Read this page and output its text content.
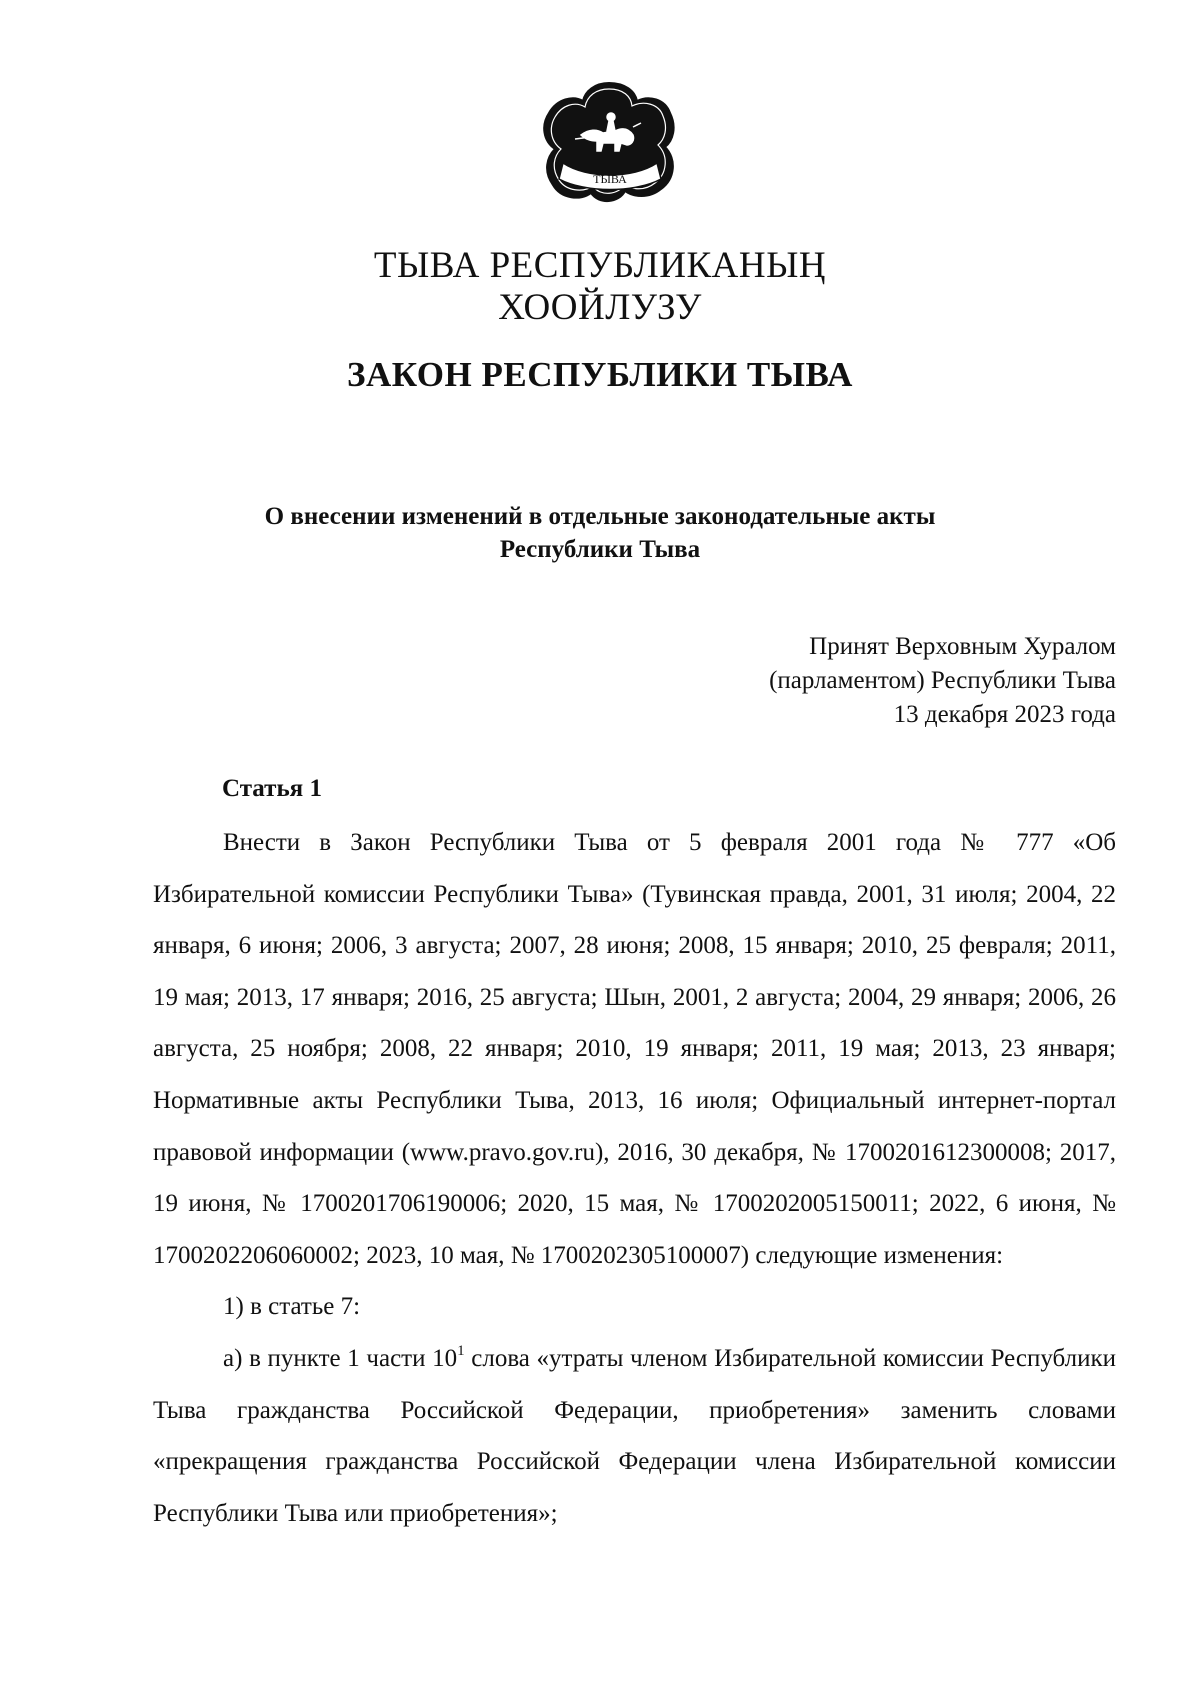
ТЫВА
ТЫВА РЕСПУБЛИКАНЫҢ
ХООЙЛУЗУ
ЗАКОН РЕСПУБЛИКИ ТЫВА
О внесении изменений в отдельные законодательные акты
Республики Тыва
Принят Верховным Хуралом
(парламентом) Республики Тыва
13 декабря 2023 года
Статья 1

Внести в Закон Республики Тыва от 5 февраля 2001 года № 777 «Об Избирательной комиссии Республики Тыва» (Тувинская правда, 2001, 31 июля; 2004, 22 января, 6 июня; 2006, 3 августа; 2007, 28 июня; 2008, 15 января; 2010, 25 февраля; 2011, 19 мая; 2013, 17 января; 2016, 25 августа; Шын, 2001, 2 августа; 2004, 29 января; 2006, 26 августа, 25 ноября; 2008, 22 января; 2010, 19 января; 2011, 19 мая; 2013, 23 января; Нормативные акты Республики Тыва, 2013, 16 июля; Официальный интернет-портал правовой информации (www.pravo.gov.ru), 2016, 30 декабря, № 1700201612300008; 2017, 19 июня, № 1700201706190006; 2020, 15 мая, № 1700202005150011; 2022, 6 июня, № 1700202206060002; 2023, 10 мая, № 1700202305100007) следующие изменения:

1) в статье 7:

а) в пункте 1 части $10^1$ слова «утраты членом Избирательной комиссии Республики Тыва гражданства Российской Федерации, приобретения» заменить словами «прекращения гражданства Российской Федерации члена Избирательной комиссии Республики Тыва или приобретения»;
